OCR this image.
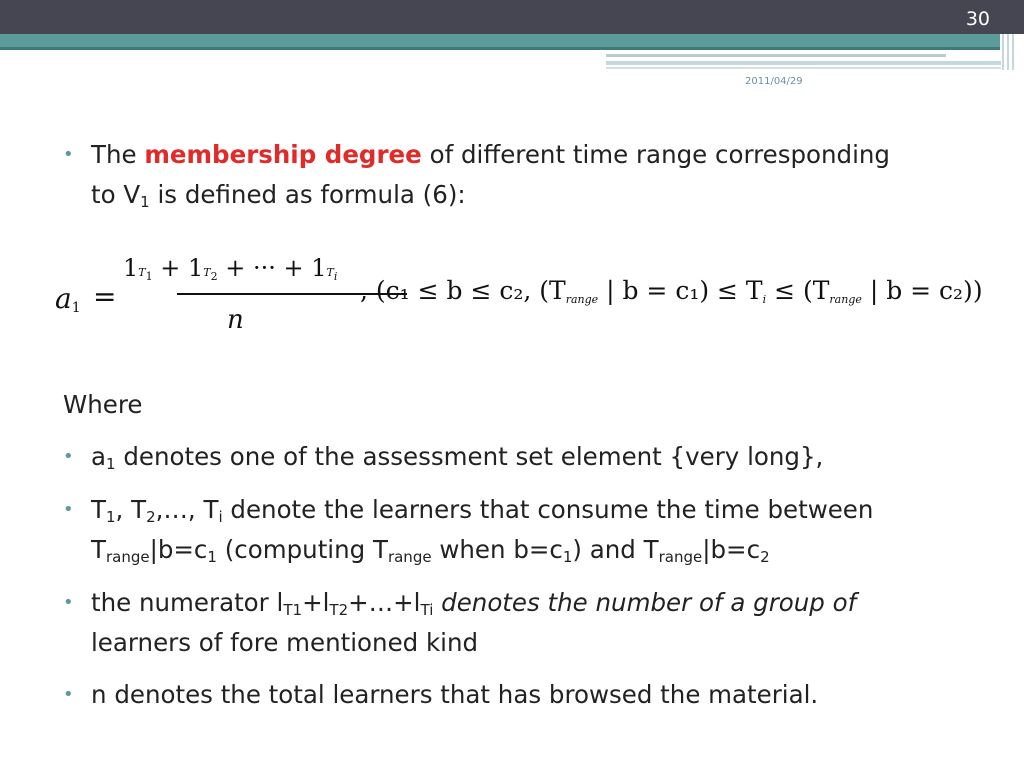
30
2011/04/29
• The membership degree of different time range corresponding
to $V_1$ is defined as formula (6):
$a_1$ =
$1T_1 + 1T_2$ + ··· + $1T_i$
n
, (c₁ ≤ b ≤ c₂, ($T_{range}$ | $b = c_1) \le T_i \le (T_{range}$ | b = c₂))
Where
• $a_1$ denotes one of the assessment set element {very long},
• $T_1$, $T_2,\dots$, $T_i$ denote the learners that consume the time between
$T_{range}|b=c_1$ (computing $T_{range}$ when $b=c_1$) and $T_{range}|b=c_2$
• the numerator $l_{T1}+l_{T2}+\dots+l_{Ti}$ denotes the number of a group of
learners of fore mentioned kind
• n denotes the total learners that has browsed the material.
